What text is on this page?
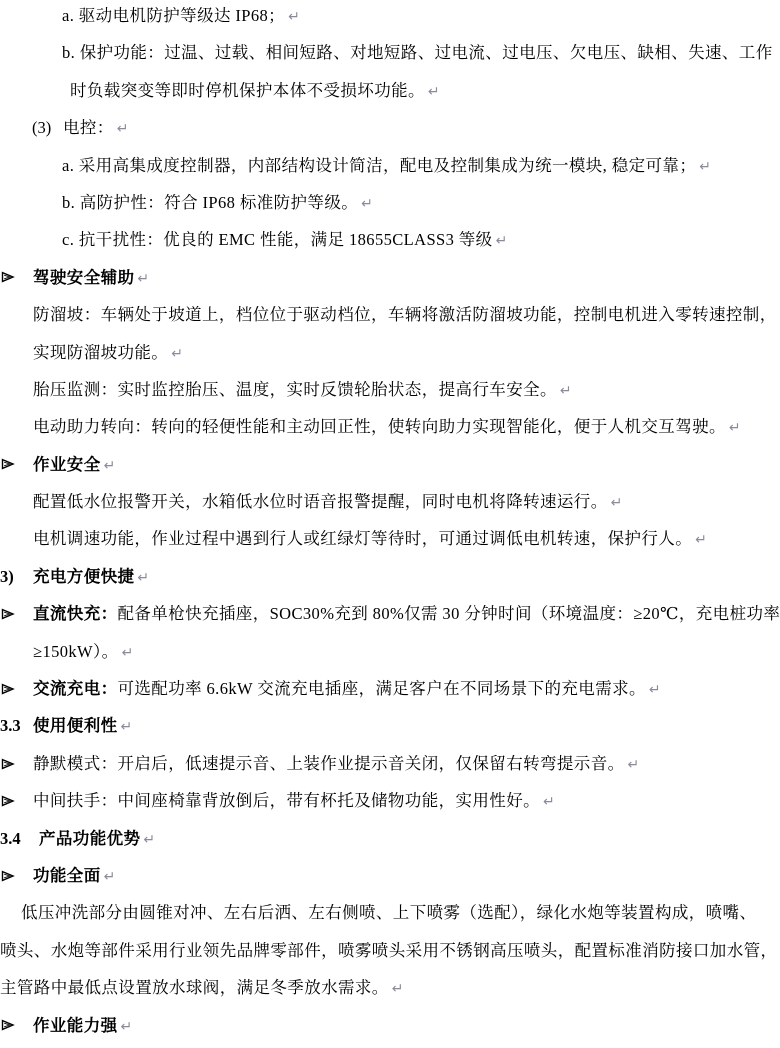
a. 驱动电机防护等级达 IP68； ↵
b. 保护功能：过温、过载、相间短路、对地短路、过电流、过电压、欠电压、缺相、失速、工作
时负载突变等即时停机保护本体不受损坏功能。 ↵
(3) 电控： ↵
a. 采用高集成度控制器，内部结构设计简洁，配电及控制集成为统一模块, 稳定可靠； ↵
b. 高防护性：符合 IP68 标准防护等级。 ↵
c. 抗干扰性：优良的 EMC 性能，满足 18655CLASS3 等级 ↵
驾驶安全辅助 ↵
防溜坡：车辆处于坡道上，档位位于驱动档位，车辆将激活防溜坡功能，控制电机进入零转速控制，
实现防溜坡功能。 ↵
胎压监测：实时监控胎压、温度，实时反馈轮胎状态，提高行车安全。 ↵
电动助力转向：转向的轻便性能和主动回正性，使转向助力实现智能化，便于人机交互驾驶。 ↵
作业安全 ↵
配置低水位报警开关，水箱低水位时语音报警提醒，同时电机将降转速运行。 ↵
电机调速功能，作业过程中遇到行人或红绿灯等待时，可通过调低电机转速，保护行人。 ↵
3) 充电方便快捷 ↵
直流快充：配备单枪快充插座，SOC30%充到 80%仅需 30 分钟时间（环境温度：≥20℃，充电桩功率
≥150kW）。 ↵
交流充电：可选配功率 6.6kW 交流充电插座，满足客户在不同场景下的充电需求。 ↵
3.3 使用便利性 ↵
静默模式：开启后，低速提示音、上装作业提示音关闭，仅保留右转弯提示音。 ↵
中间扶手：中间座椅靠背放倒后，带有杯托及储物功能，实用性好。 ↵
3.4 产品功能优势 ↵
功能全面 ↵
低压冲洗部分由圆锥对冲、左右后洒、左右侧喷、上下喷雾（选配），绿化水炮等装置构成，喷嘴、
喷头、水炮等部件采用行业领先品牌零部件，喷雾喷头采用不锈钢高压喷头，配置标准消防接口加水管，
主管路中最低点设置放水球阀，满足冬季放水需求。 ↵
作业能力强 ↵
